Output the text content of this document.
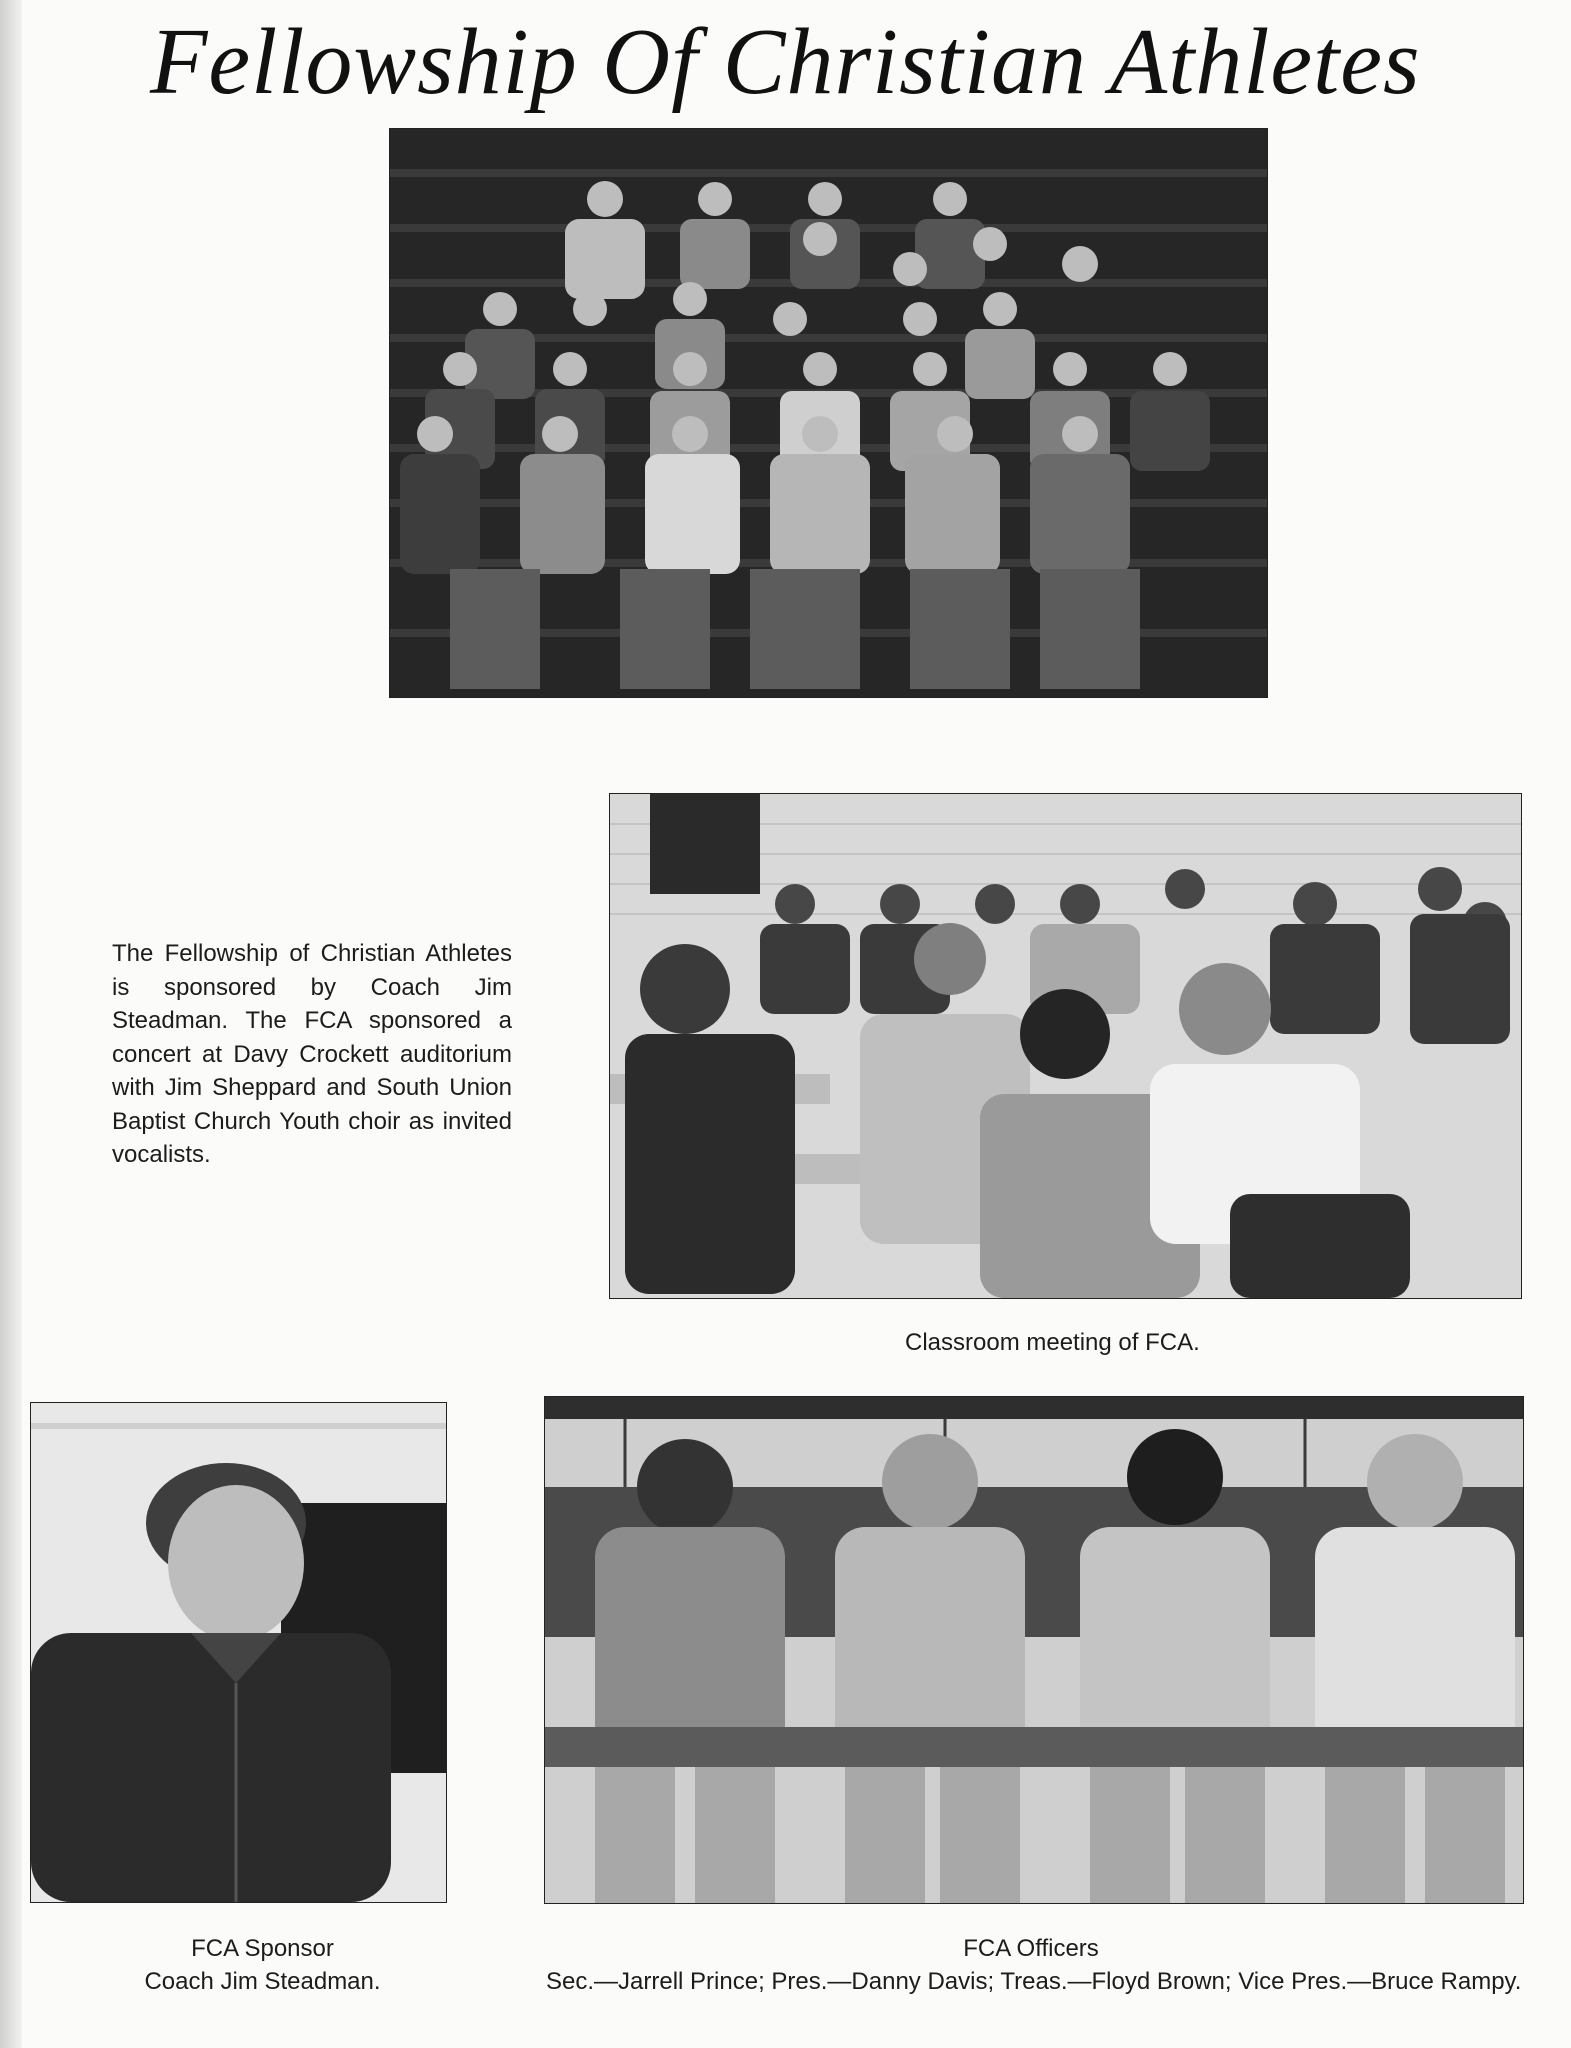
Fellowship Of Christian Athletes
The Fellowship of Christian Athletes is sponsored by Coach Jim Steadman. The FCA sponsored a concert at Davy Crockett auditorium with Jim Sheppard and South Union Baptist Church Youth choir as invited vocalists.
Classroom meeting of FCA.
FCA Sponsor
Coach Jim Steadman.
FCA Officers
Sec.—Jarrell Prince; Pres.—Danny Davis; Treas.—Floyd Brown; Vice Pres.—Bruce Rampy.
